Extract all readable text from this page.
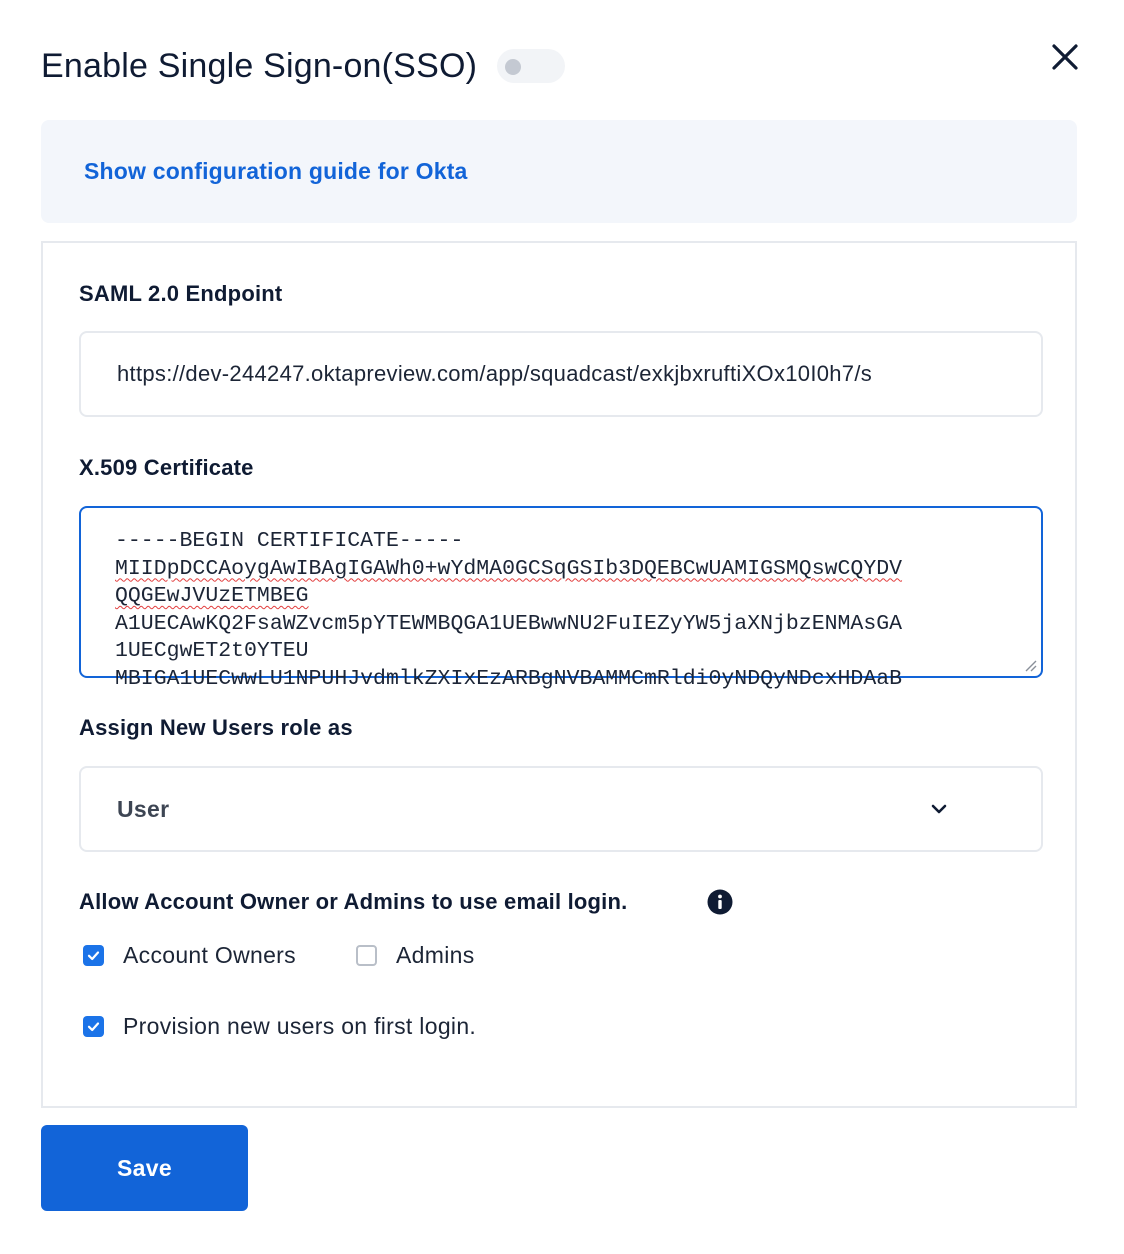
Enable Single Sign-on(SSO)
Show configuration guide for Okta
SAML 2.0 Endpoint
https://dev-244247.oktapreview.com/app/squadcast/exkjbxruftiXOx10I0h7/s
X.509 Certificate
-----BEGIN CERTIFICATE-----
MIIDpDCCAoygAwIBAgIGAWh0+wYdMA0GCSqGSIb3DQEBCwUAMIGSMQswCQYDV
QQGEwJVUzETMBEG
A1UECAwKQ2FsaWZvcm5pYTEWMBQGA1UEBwwNU2FuIEZyYW5jaXNjbzENMAsGA
1UECgwET2t0YTEU
MBIGA1UECwwLU1NPUHJvdmlkZXIxEzARBgNVBAMMCmRldi0yNDQyNDcxHDAaB
Assign New Users role as
User
Allow Account Owner or Admins to use email login.
Account Owners	Admins
Provision new users on first login.
Save
